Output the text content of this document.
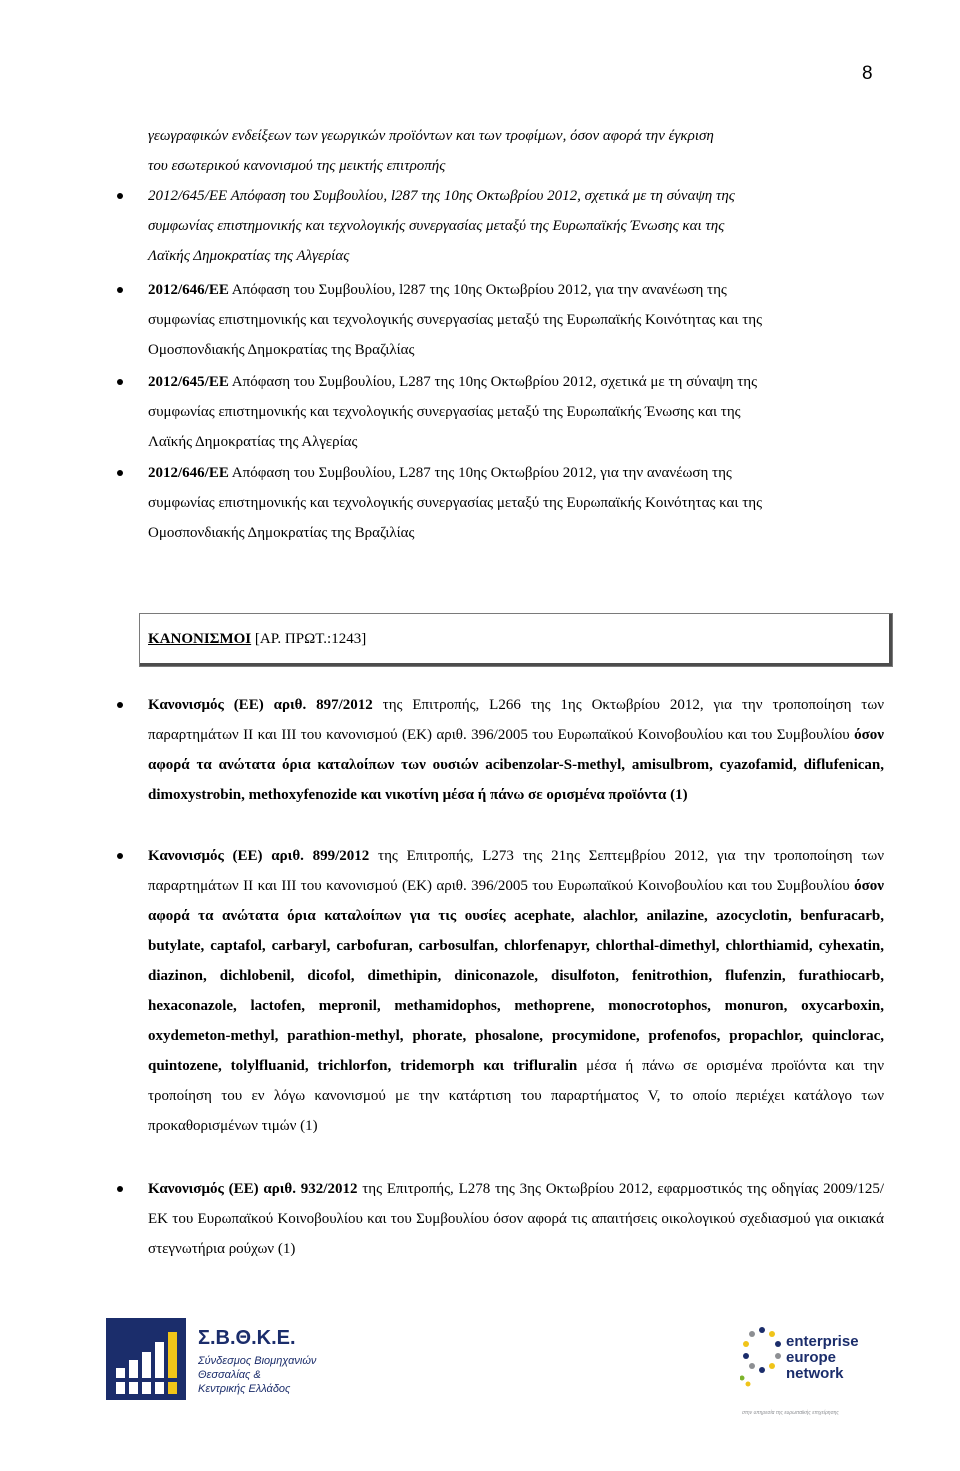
8
γεωγραφικών ενδείξεων των γεωργικών προϊόντων και των τροφίμων, όσον αφορά την έγκριση
του εσωτερικού κανονισμού της μεικτής επιτροπής
2012/645/ΕΕ Απόφαση του Συμβουλίου, l287 της 10ης Οκτωβρίου 2012, σχετικά με τη σύναψη της
συμφωνίας επιστημονικής και τεχνολογικής συνεργασίας μεταξύ της Ευρωπαϊκής Ένωσης και της
Λαϊκής Δημοκρατίας της Αλγερίας
2012/646/ΕΕ Απόφαση του Συμβουλίου, l287 της 10ης Οκτωβρίου 2012, για την ανανέωση της
συμφωνίας επιστημονικής και τεχνολογικής συνεργασίας μεταξύ της Ευρωπαϊκής Κοινότητας και της
Ομοσπονδιακής Δημοκρατίας της Βραζιλίας
2012/645/ΕΕ Απόφαση του Συμβουλίου, L287 της 10ης Οκτωβρίου 2012, σχετικά με τη σύναψη της
συμφωνίας επιστημονικής και τεχνολογικής συνεργασίας μεταξύ της Ευρωπαϊκής Ένωσης και της
Λαϊκής Δημοκρατίας της Αλγερίας
2012/646/ΕΕ Απόφαση του Συμβουλίου, L287 της 10ης Οκτωβρίου 2012, για την ανανέωση της
συμφωνίας επιστημονικής και τεχνολογικής συνεργασίας μεταξύ της Ευρωπαϊκής Κοινότητας και της
Ομοσπονδιακής Δημοκρατίας της Βραζιλίας
ΚΑΝΟΝΙΣΜΟΙ [ΑΡ. ΠΡΩΤ.:1243]
Κανονισμός (ΕΕ) αριθ. 897/2012 της Επιτροπής, L266 της 1ης Οκτωβρίου 2012, για την τροποποίηση των παραρτημάτων II και III του κανονισμού (ΕΚ) αριθ. 396/2005 του Ευρωπαϊκού Κοινοβουλίου και του Συμβουλίου όσον αφορά τα ανώτατα όρια καταλοίπων των ουσιών acibenzolar-S-methyl, amisulbrom, cyazofamid, diflufenican, dimoxystrobin, methoxyfenozide και νικοτίνη μέσα ή πάνω σε ορισμένα προϊόντα (1)
Κανονισμός (ΕΕ) αριθ. 899/2012 της Επιτροπής, L273 της 21ης Σεπτεμβρίου 2012, για την τροποποίηση των παραρτημάτων II και III του κανονισμού (ΕΚ) αριθ. 396/2005 του Ευρωπαϊκού Κοινοβουλίου και του Συμβουλίου όσον αφορά τα ανώτατα όρια καταλοίπων για τις ουσίες acephate, alachlor, anilazine, azocyclotin, benfuracarb, butylate, captafol, carbaryl, carbofuran, carbosulfan, chlorfenapyr, chlorthal-dimethyl, chlorthiamid, cyhexatin, diazinon, dichlobenil, dicofol, dimethipin, diniconazole, disulfoton, fenitrothion, flufenzin, furathiocarb, hexaconazole, lactofen, mepronil, methamidophos, methoprene, monocrotophos, monuron, oxycarboxin, oxydemeton-methyl, parathion-methyl, phorate, phosalone, procymidone, profenofos, propachlor, quinclorac, quintozene, tolylfluanid, trichlorfon, tridemorph και trifluralin μέσα ή πάνω σε ορισμένα προϊόντα και την τροποίηση του εν λόγω κανονισμού με την κατάρτιση του παραρτήματος V, το οποίο περιέχει κατάλογο των προκαθορισμένων τιμών (1)
Κανονισμός (ΕΕ) αριθ. 932/2012 της Επιτροπής, L278 της 3ης Οκτωβρίου 2012, εφαρμοστικός της οδηγίας 2009/125/ΕΚ του Ευρωπαϊκού Κοινοβουλίου και του Συμβουλίου όσον αφορά τις απαιτήσεις οικολογικού σχεδιασμού για οικιακά στεγνωτήρια ρούχων (1)
Σ.Β.Θ.Κ.Ε.
Σύνδεσμος Βιομηχανιών
Θεσσαλίας &
Κεντρικής Ελλάδος
enterprise
europe
network
στην υπηρεσία της ευρωπαϊκής επιχείρησης
